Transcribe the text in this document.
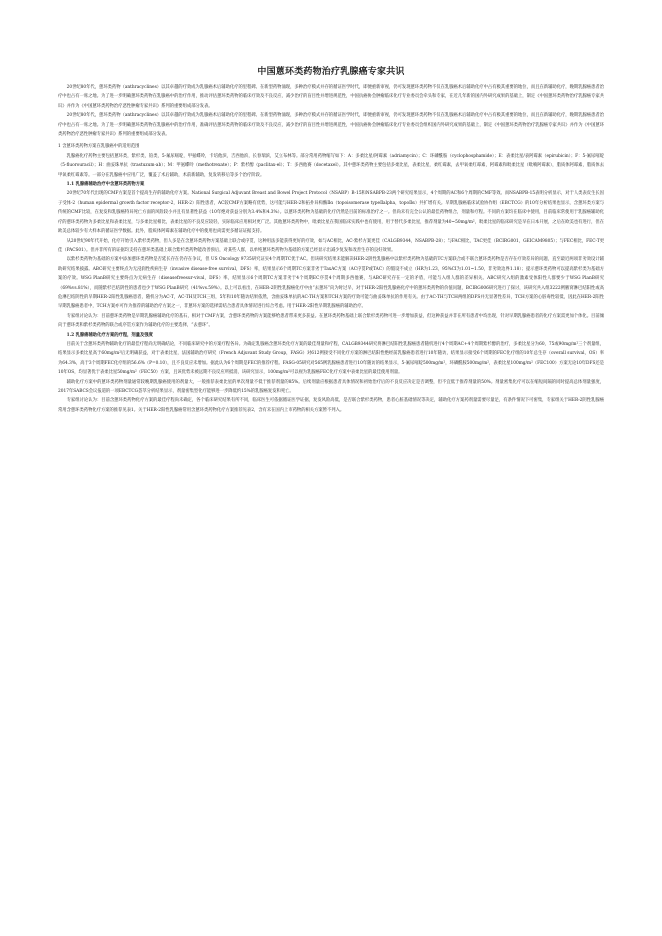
中国蒽环类药物治疗乳腺癌专家共识

20世纪80年代，蒽环类药物（anthracyclines）以其卓越的疗效成为乳腺癌术后辅助化疗的里程碑。在新型药物涌现，多种治疗模式并存的循证医学时代，即便重新审视，仍可发现蒽环类药物不仅在乳腺癌术后辅助化疗中占有极其重要的地位，而且在新辅助化疗，晚期乳腺癌患者治疗中也占有一席之地。为了进一步明确蒽环类药物在乳腺癌中的治疗作用，推动评估蒽环类药物的临床疗效及不良反应，减少治疗的盲目性并增进规范性，中国抗癌协会肿瘤临床化疗专业委员会牵头和专家，在近几年新的国内外研究成果的基础上，制定《中国蒽环类药物治疗乳腺癌专家共识》并作为《中国蒽环类药物治疗恶性肿瘤专家共识》系列的重要组成部分发表。

20世纪80年代，蒽环类药物（anthracyclines）以其卓越的疗效成为乳腺癌术后辅助化疗的里程碑。在新型药物涌现，多种治疗模式并存的循证医学时代，即便重新审视，仍可发现蒽环类药物不仅在乳腺癌术后辅助化疗中占有极其重要的地位，而且在新辅助化疗，晚期乳腺癌患者治疗中也占有一席之地。为了进一步明确蒽环类药物在乳腺癌中的治疗作用，准确评估蒽环类药物的临床疗效及不良反应，减少治疗的盲目性并增进规范性，中国抗癌协会肿瘤临床化疗专业委员会组织国内外研究成果的基础上，制定《中国蒽环类药物治疗乳腺癌专家共识》并作为《中国蒽环类药物治疗恶性肿瘤专家共识》系列的重要组成部分发表。

1 含蒽环类药物方案在乳腺癌中的适用范围

乳腺癌化疗药物主要包括蒽环类，紫杉类，铂类，5-氟尿嘧啶，甲氨蝶呤，卡培他滨，吉西他滨，长春瑞滨，艾立布林等。部分常用药物缩写如下：A：多柔比星/阿霉素（adriamycin）；C：环磷酰胺（cyclophosphamide）；E：表柔比星/表阿霉素（epirubicin）；F：5-氟尿嘧啶（5-fluorouracil）；H：曲妥珠单抗（trastuzum-ab）；M：甲氨蝶呤（methotrexate）；P：紫杉醇（paclitax-el）；T：多西他赛（docetaxel）。其中蒽环类药物主要包括多柔比星，表柔比星，柔红霉素，去甲氧柔红霉素，阿霉素和吡柔比星（吡喃阿霉素），脂质体阿霉素，脂质体去甲氧柔红霉素等。一部分在乳腺癌中应用广泛，覆盖了术后辅助，术前新辅助，复发转移后等多个治疗阶段。

1.1 乳腺癌辅助治疗中含蒽环类药物方案

20世纪70年代出现的CMF方案是首个提高生存的辅助化疗方案。National Surgical Adjuvant Breast and Bowel Project Protocol（NSABP）B-15和NSABPB-23两个研究结果显示，4个周期的AC和6个周期的CMF等效。而NSABPB-15表明分析显示，对于人类表皮生长因子受体-2（human epidermal growth factor receptor-2，HER-2）阳性患者，AC较CMF方案略有优势，这可能与HER-2和拓扑异构酶Ⅱα（topoisomerase typeⅡalpha，topoⅡα）共扩增有关。早期乳腺癌临床试验协作组（EBCTCG）的10年分析结果也显示，含蒽环类方案与传统的CMF比较，在复发和乳腺癌特异死亡方面的风险较小并且有显著性获益（10年绝对获益分别为3.4%和4.3%）。以蒽环类药物为基础的化疗仍然是目前的标准治疗之一。但尚未有完全公认的最佳药物组合，剂量和疗程。不同的方案均在临床中使用，目前临床常使用于乳腺癌辅助化疗的蒽环类药物为多柔比星和表柔比星，与多柔比星相比，表柔比星的不良反应较轻，实际临床应用相对更广泛。其他蒽环类药物中，吡柔比星在我国临床实践中也有使用，用于替代多柔比星，推荐剂量为40~50mg/m²，吡柔比星的临床研究是早在日本开展，之后在欧美也有进行，但在欧美总体较少有大样本的循证医学数据。此外，脂质体阿霉素在辅助化疗中的使用也尚需更多循证证据支持。

从20世纪90年代开始，化疗开始引入紫杉类药物，但人多是在含蒽环类药物方案基础上联合或序贯，这种用法多能获得更好的疗效，如与AC相比，AC-紫杉方案更佳（CALGB9344，NSABPB-28）；与FAC相比，TAC更佳（BCIRG001，GEICAM9805）；与FEC相比，FEC-T更佳（PACS01）。但并非所有的证据均支持在蒽环类基础上联合紫杉类药物能改善预后，对某些人群，以单纯蒽环类药物为基础的方案已经显示出减少复发和改善生存的良好效果。

以紫杉类药物为基础的方案中添加蒽环类药物是否延长存在仍存在争议，但 US Oncology 9735研究证实4个周期TC优于AC。但该研究结果未能解决HER-2阴性乳腺癌中以紫杉类药物为基础的TC方案联合或不联合蒽环类药物是否存在疗效差异的问题，直至最近两项非劣效设计辅助研究结果披露。ABC研究主要终点为无浸润性疾病生存（invasive disease-free survival，DFS）率，结果显示6个周期TC方案非劣于TaxAC方案（AC序贯P或TAC）的假设不成立（HR为1.23，95%CI为1.01~1.50，非劣效边界1.18）；提示蒽环类药物可以提高紫杉类为基础方案的疗效。WSG PlanB研究主要终点为无病生存（diseasefreesur-vival，DFS）率，结果显示6个周期TC方案非劣于4个周期EC序贯4个周期多西他赛，与ABC研究存在一定的矛盾，可能与入组人群的差异相关。ABC研究入组的激素受体阳性人群要少于WSG PlanB研究（69%vs.81%），而随紫杉巴结阴性的患者也少于WSG PlanB研究（41%vs.59%）。以上可以看出，在HER-2阴性乳腺癌化疗中由“去蒽环”向为时过早，对于HER-2阳性乳腺癌化疗中的蒽环类药物的价值问题，BCIRG006研究进行了探讨，该研究共入组3222例腋窝淋巴结阳性或高危淋巴结阴性的早期HER-2阳性乳腺癌患者，随机分为AC-T，AC-TH及TCH三组，5年和10年随访结果依然，含曲妥珠单抗的AC-TH方案和TCH方案的疗效可能与曲妥珠单抗的作用有关。由于AC-TH与TCH两组的DFS并无显著性差异，TCH方案的心脏毒性较低，因此在HER-2阳性早期乳腺癌患者中，TCH方案亦可作为推荐的辅助治疗方案之一，非蒽环方案的选择需结合患者具体情况进行综合考虑。用于HER-2阳性早期乳腺癌的辅助治疗。

专家组讨论认为：目前蒽环类药物是早期乳腺癌辅助化疗的基石，相对于CMF方案，含蒽环类药物的方案能够给患者带来更多获益。在蒽环类药物基础上联合紫杉类药物可进一步增加获益，但这种获益并非在所有患者中均出现，针对早期乳腺癌患者的化疗方案需更加个体化。目前倾向于蒽环类和紫杉类药物的联合或序贯方案作为辅助化疗的主要选择，“去蒽环”。

1.2 乳腺癌辅助化疗方案的疗程，剂量及强度

目前关于含蒽环类药物辅助化疗的最佳疗程尚无明确结论，不同临床研究中的方案疗程各异。为确定乳腺癌含蒽环类化疗方案的最佳剂量和疗程，CALGB9344研究将淋巴结阳性乳腺癌患者随机进行4个周期AC+4个周期紫杉醇的治疗，多柔比星分为60，75或90mg/m²三个剂量组，结果显示多柔比星高于60mg/m²后无明确获益，对于表柔比星，法国辅助治疗研究（French Adjuvant Study Group，FASG）对612例接受不同化疗方案的淋巴结阳性绝经前乳腺癌患者进行10年随访，结果显示接受6个周期的FEC化疗组的10年总生存（overall survival，OS）率为64.3%，高于3个周期FEC化疗组的56.6%（P=0.10），且不良反应未增加。据此认为6个周期是FEC的推荐疗程。FASG-05研究对565例乳腺癌患者进行10年随访的结果显示，5-氟尿嘧啶500mg/m²，环磷酰胺500mg/m²，表柔比星100mg/m²（FEC100）方案无论10年DFS还是10年OS，均显著优于表柔比星50mg/m²（FEC50）方案，且该优势未被远期不良反应所抵消，该研究显示，100mg/m²可以视为乳腺癌FEC化疗方案中表柔比星的最佳使用剂量。

辅助化疗方案中的蒽环类药物剂量通常较晚期乳腺癌使用的剂量大，一般推荐表柔比星的单次剂量不低于推荐剂量的85%。后续剂量应根据患者具体情况和初始治疗后的不良反应决定是否调整，但不宜低于推荐剂量的50%。剂量密集化疗可以在缩短间隔的同时提高总体剂量强度，2017年SABCS会议报道的一项EBCTCG荟萃分析结果显示，剂量密集型化疗能够进一步降低约15%的乳腺癌复发和死亡。

专家组讨论认为：目前含蒽环类药物化疗方案的最佳疗程尚未确定，各个临床研究结果有所不同，临床医生可依据循证医学证据，复发风险高低，是否联合紫杉类药物，患者心脏基础情况等决定，辅助化疗方案药剂量需要尽量足，有条件情况下可密集，专家组关于HER-2阴性乳腺癌常用含蒽环类药物化疗方案的推荐见表1。关于HER-2阳性乳腺癌常用含蒽环类药物化疗方案推荐见表2，含有未在国内上市药物的相关方案暂不列入。
